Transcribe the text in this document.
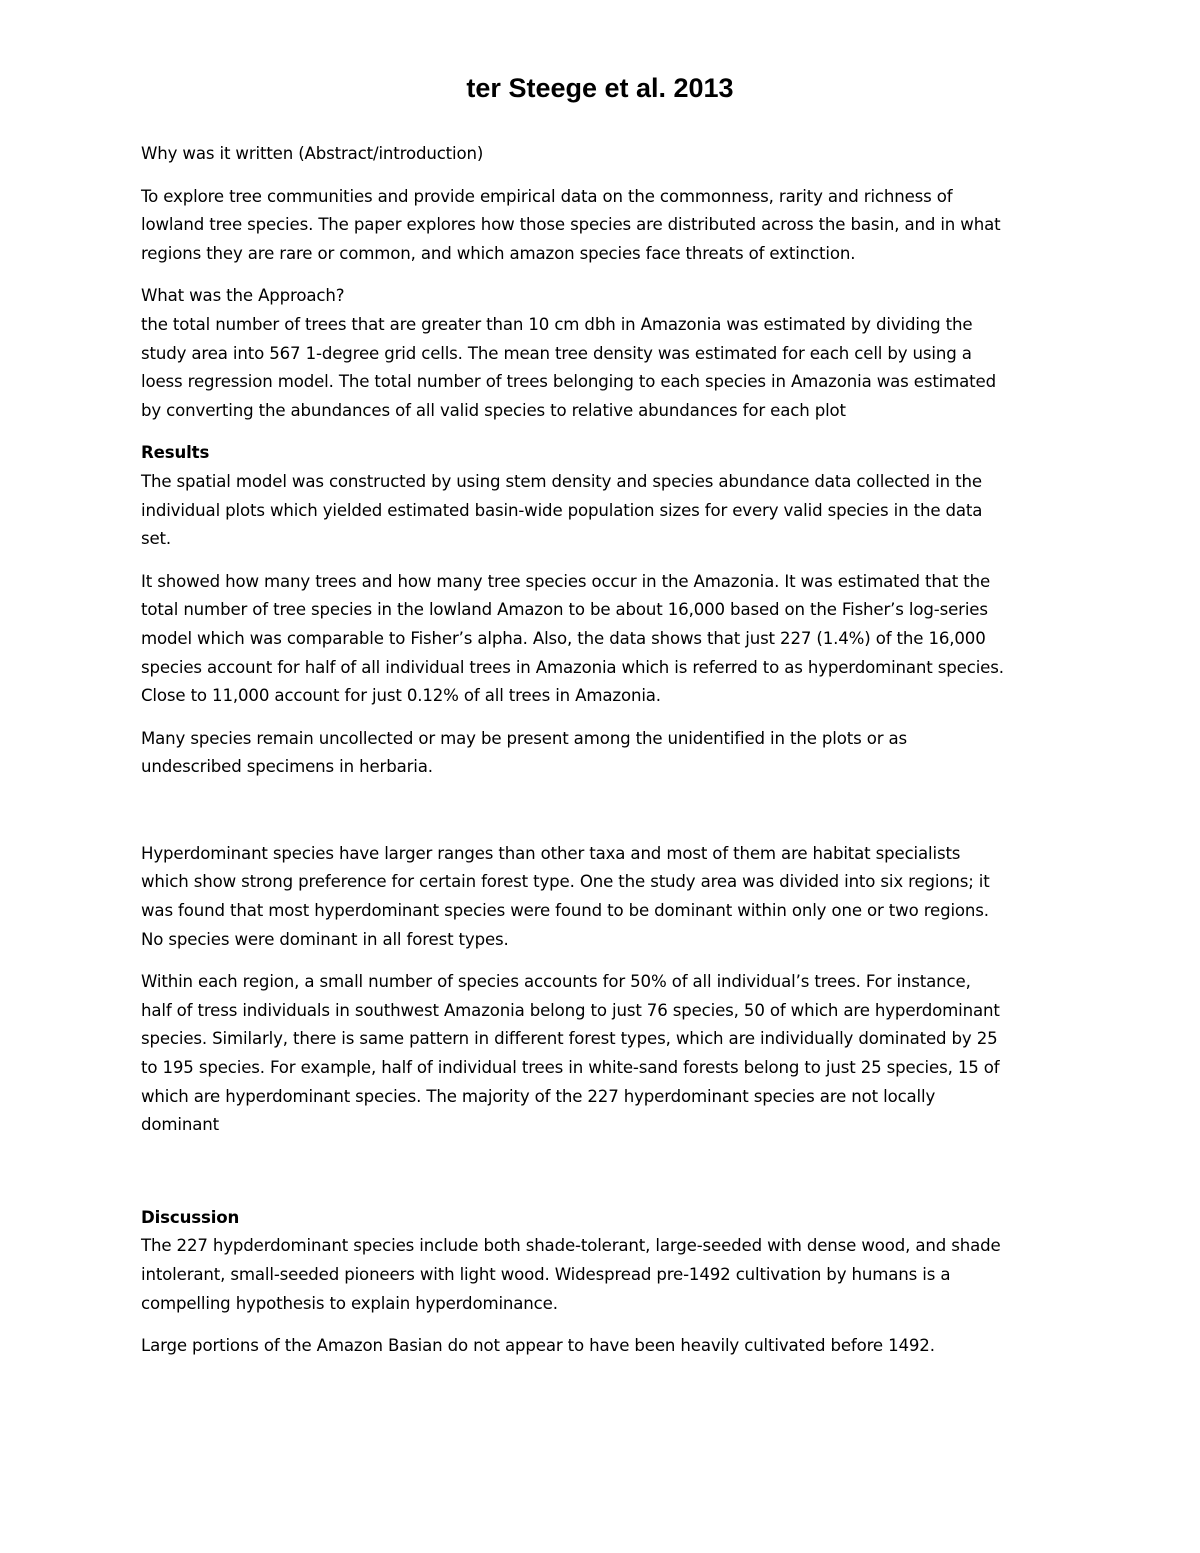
ter Steege et al. 2013

Why was it written (Abstract/introduction)

To explore tree communities and provide empirical data on the commonness, rarity and richness of
lowland tree species. The paper explores how those species are distributed across the basin, and in what
regions they are rare or common, and which amazon species face threats of extinction.

What was the Approach?
the total number of trees that are greater than 10 cm dbh in Amazonia was estimated by dividing the
study area into 567 1-degree grid cells. The mean tree density was estimated for each cell by using a
loess regression model. The total number of trees belonging to each species in Amazonia was estimated
by converting the abundances of all valid species to relative abundances for each plot

Results

The spatial model was constructed by using stem density and species abundance data collected in the
individual plots which yielded estimated basin-wide population sizes for every valid species in the data
set.

It showed how many trees and how many tree species occur in the Amazonia. It was estimated that the
total number of tree species in the lowland Amazon to be about 16,000 based on the Fisher’s log-series
model which was comparable to Fisher’s alpha. Also, the data shows that just 227 (1.4%) of the 16,000
species account for half of all individual trees in Amazonia which is referred to as hyperdominant species.
Close to 11,000 account for just 0.12% of all trees in Amazonia.

Many species remain uncollected or may be present among the unidentified in the plots or as
undescribed specimens in herbaria.

Hyperdominant species have larger ranges than other taxa and most of them are habitat specialists
which show strong preference for certain forest type. One the study area was divided into six regions; it
was found that most hyperdominant species were found to be dominant within only one or two regions.
No species were dominant in all forest types.

Within each region, a small number of species accounts for 50% of all individual’s trees. For instance,
half of tress individuals in southwest Amazonia belong to just 76 species, 50 of which are hyperdominant
species. Similarly, there is same pattern in different forest types, which are individually dominated by 25
to 195 species. For example, half of individual trees in white-sand forests belong to just 25 species, 15 of
which are hyperdominant species. The majority of the 227 hyperdominant species are not locally
dominant

Discussion

The 227 hypderdominant species include both shade-tolerant, large-seeded with dense wood, and shade
intolerant, small-seeded pioneers with light wood. Widespread pre-1492 cultivation by humans is a
compelling hypothesis to explain hyperdominance.

Large portions of the Amazon Basian do not appear to have been heavily cultivated before 1492.
